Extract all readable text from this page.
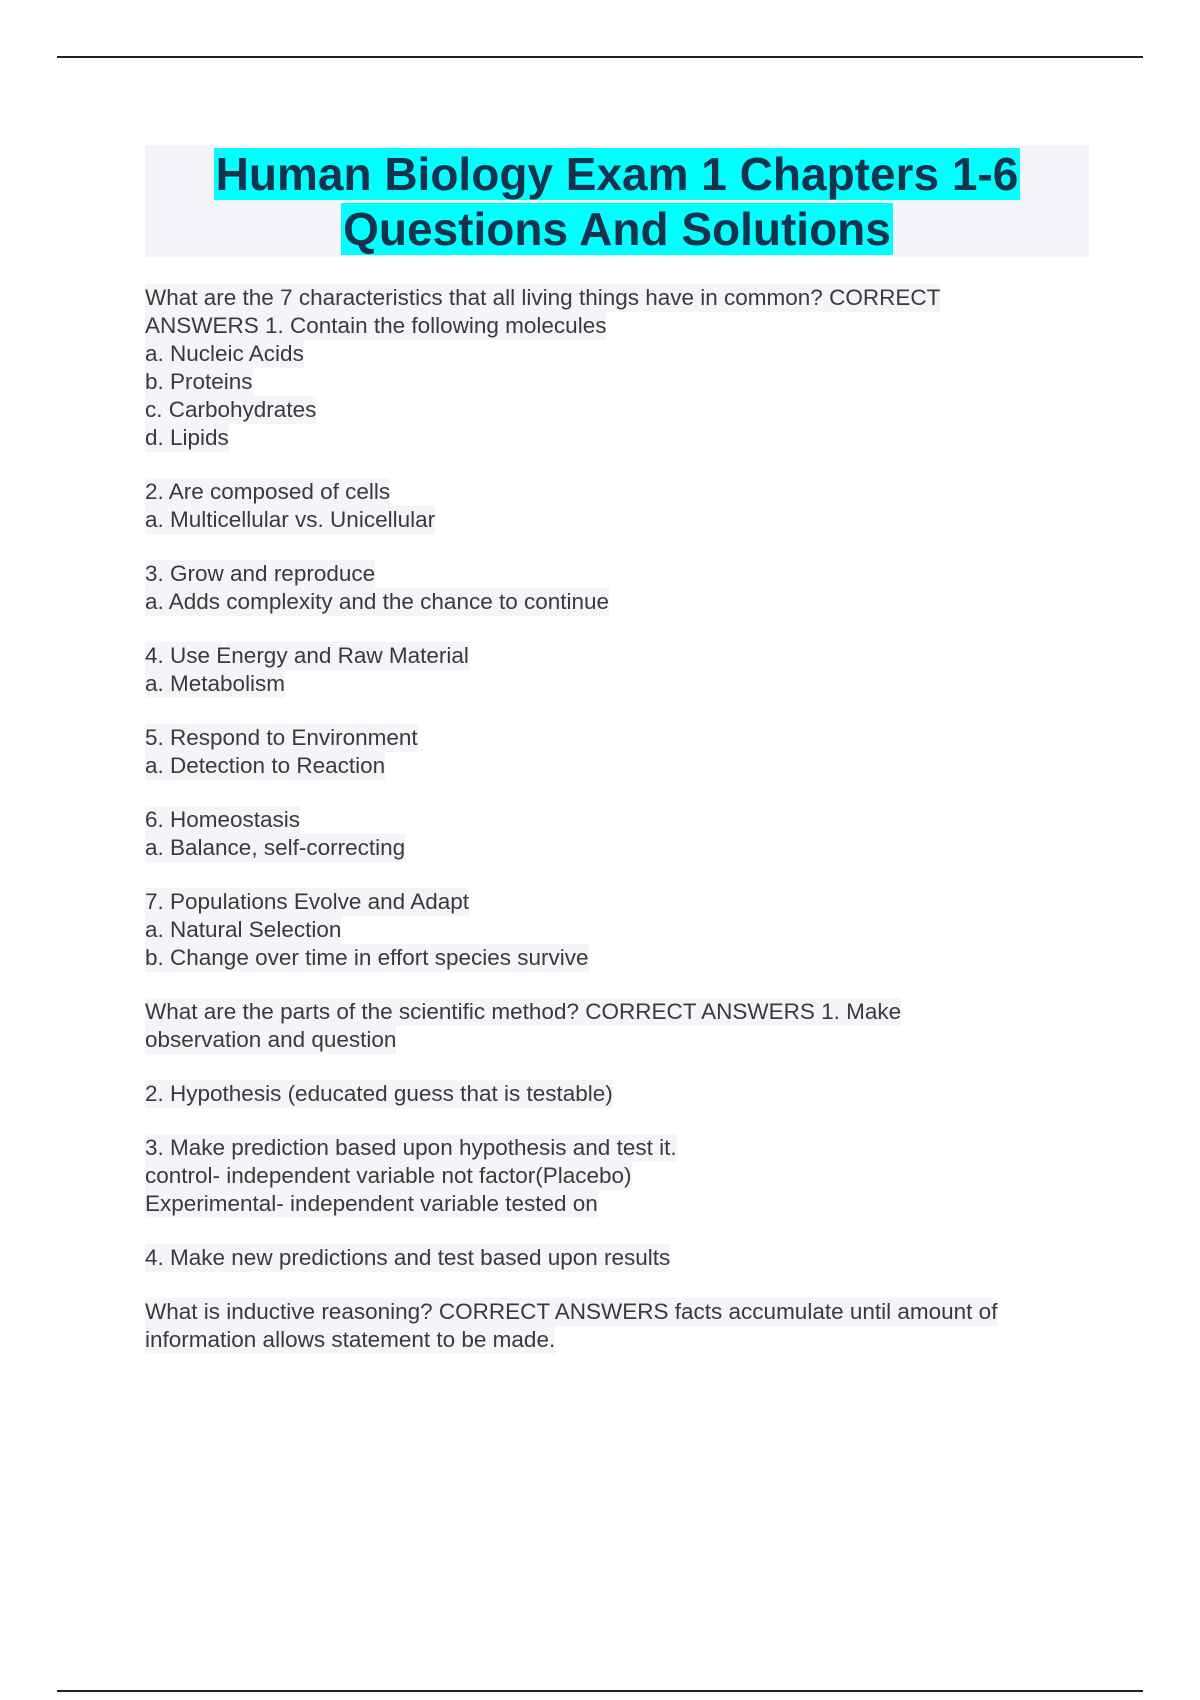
Human Biology Exam 1 Chapters 1-6
Questions And Solutions
What are the 7 characteristics that all living things have in common? CORRECT
ANSWERS 1. Contain the following molecules
a. Nucleic Acids
b. Proteins
c. Carbohydrates
d. Lipids
2. Are composed of cells
a. Multicellular vs. Unicellular
3. Grow and reproduce
a. Adds complexity and the chance to continue
4. Use Energy and Raw Material
a. Metabolism
5. Respond to Environment
a. Detection to Reaction
6. Homeostasis
a. Balance, self-correcting
7. Populations Evolve and Adapt
a. Natural Selection
b. Change over time in effort species survive
What are the parts of the scientific method? CORRECT ANSWERS 1. Make
observation and question
2. Hypothesis (educated guess that is testable)
3. Make prediction based upon hypothesis and test it.
control- independent variable not factor(Placebo)
Experimental- independent variable tested on
4. Make new predictions and test based upon results
What is inductive reasoning? CORRECT ANSWERS facts accumulate until amount of
information allows statement to be made.
